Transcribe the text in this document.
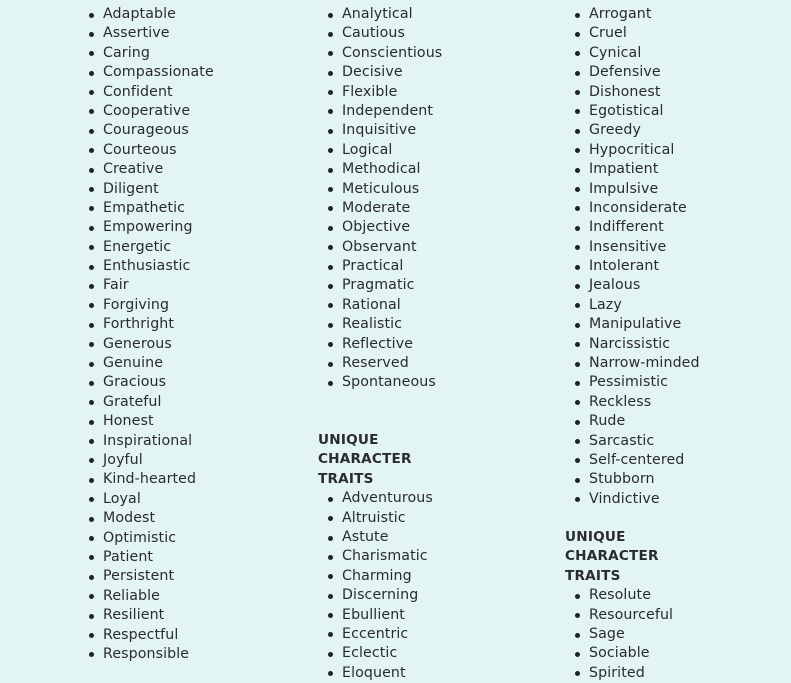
Adaptable
Assertive
Caring
Compassionate
Confident
Cooperative
Courageous
Courteous
Creative
Diligent
Empathetic
Empowering
Energetic
Enthusiastic
Fair
Forgiving
Forthright
Generous
Genuine
Gracious
Grateful
Honest
Inspirational
Joyful
Kind-hearted
Loyal
Modest
Optimistic
Patient
Persistent
Reliable
Resilient
Respectful
Responsible
Analytical
Cautious
Conscientious
Decisive
Flexible
Independent
Inquisitive
Logical
Methodical
Meticulous
Moderate
Objective
Observant
Practical
Pragmatic
Rational
Realistic
Reflective
Reserved
Spontaneous
UNIQUE
CHARACTER TRAITS
Adventurous
Altruistic
Astute
Charismatic
Charming
Discerning
Ebullient
Eccentric
Eclectic
Eloquent
Arrogant
Cruel
Cynical
Defensive
Dishonest
Egotistical
Greedy
Hypocritical
Impatient
Impulsive
Inconsiderate
Indifferent
Insensitive
Intolerant
Jealous
Lazy
Manipulative
Narcissistic
Narrow-minded
Pessimistic
Reckless
Rude
Sarcastic
Self-centered
Stubborn
Vindictive
UNIQUE
CHARACTER TRAITS
Resolute
Resourceful
Sage
Sociable
Spirited
